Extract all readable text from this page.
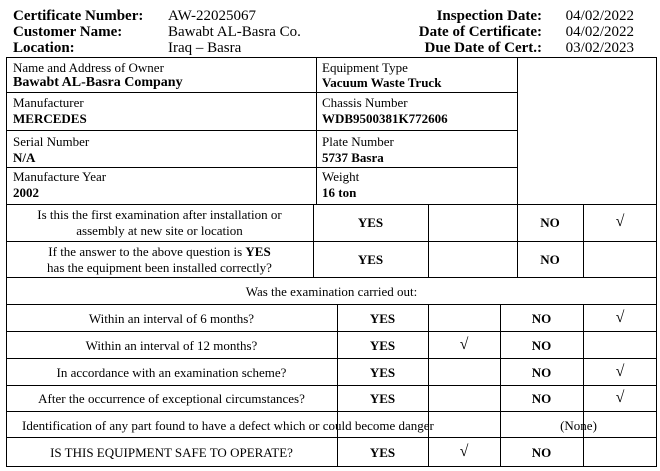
Certificate Number: AW-22025067
Customer Name:	Bawabt AL-Basra Co.
Location:	Iraq – Basra
Inspection Date: 04/02/2022
Date of Certificate: 04/02/2022
Due Date of Cert.: 03/02/2023
Name and Address of Owner
Bawabt AL-Basra Company
Equipment Type
Vacuum Waste Truck
Manufacturer
MERCEDES
Chassis Number
WDB9500381K772606
Serial Number
N/A
Plate Number
5737 Basra
Manufacture Year
2002
Weight
16 ton
Is this the first examination after installation or
assembly at new site or location
YES	NO	√
If the answer to the above question is YES
has the equipment been installed correctly?
YES	NO
Was the examination carried out:
Within an interval of 6 months?	YES	NO	√
Within an interval of 12 months?	YES	√	NO
In accordance with an examination scheme?	YES	NO	√
After the occurrence of exceptional circumstances?	YES	NO	√
Identification of any part found to have a defect which or could become danger	(None)
IS THIS EQUIPMENT SAFE TO OPERATE?	YES	√	NO
